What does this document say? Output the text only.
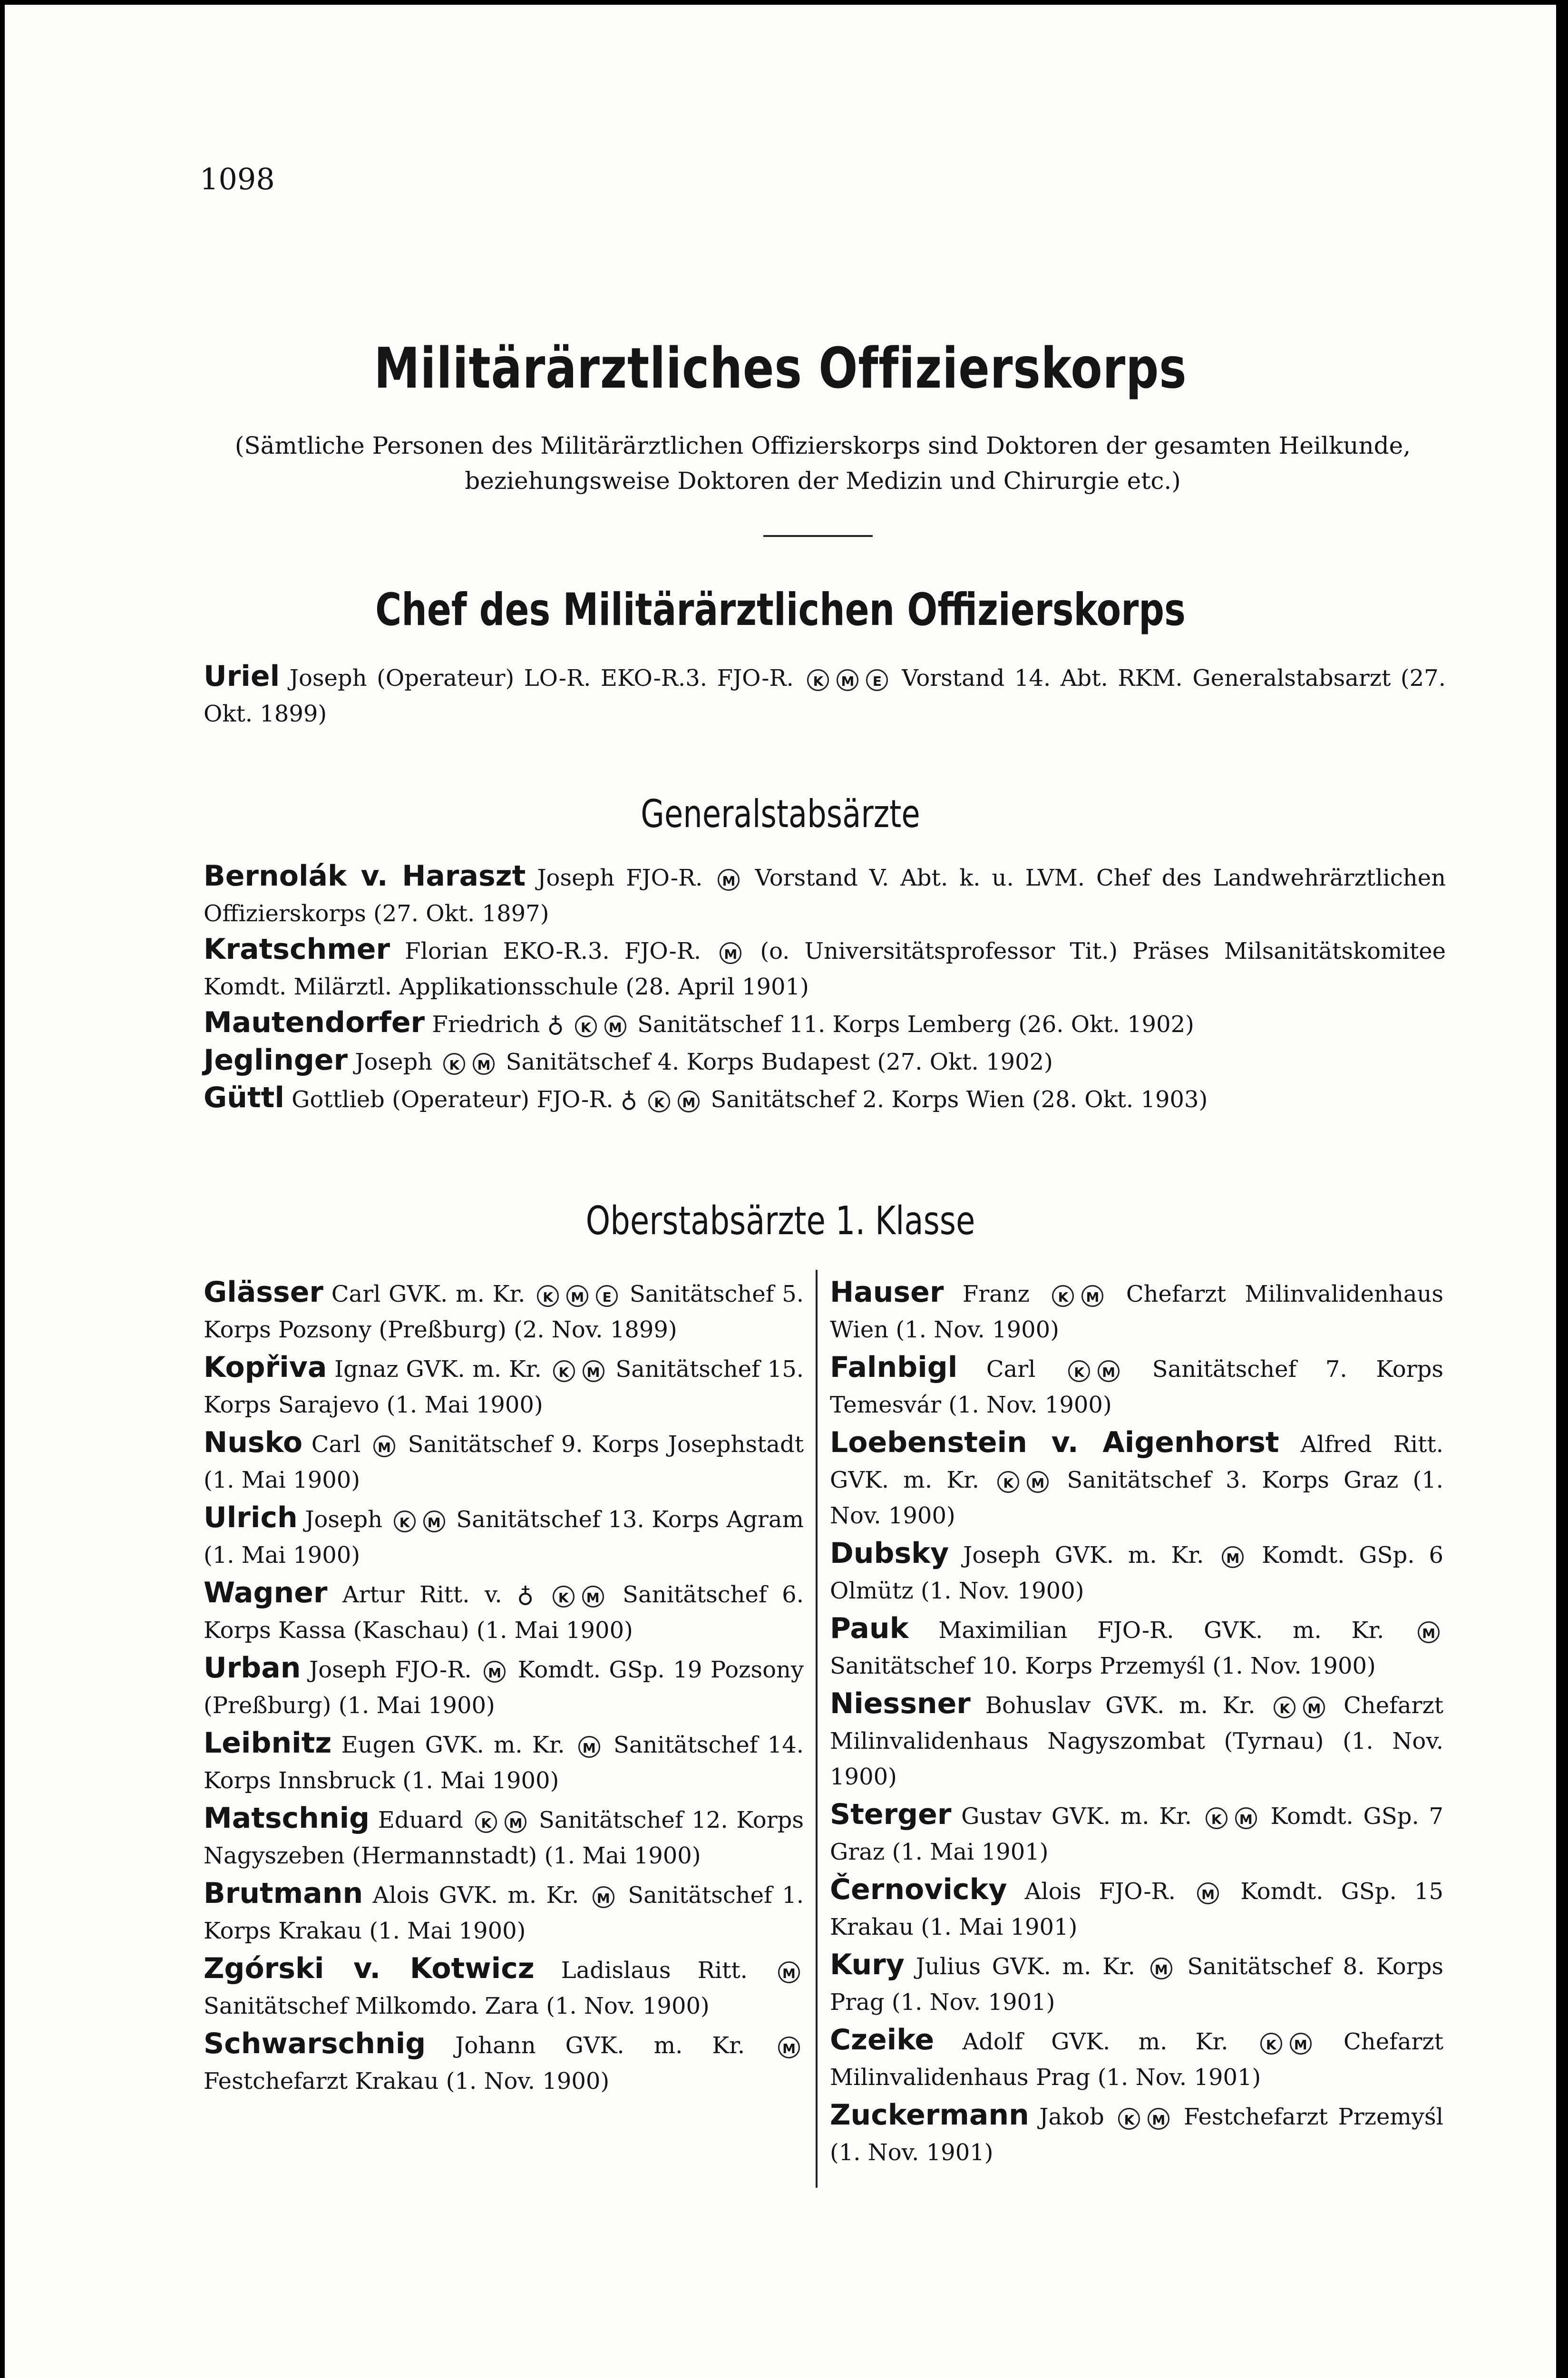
1098
Militärärztliches Offizierskorps
(Sämtliche Personen des Militärärztlichen Offizierskorps sind Doktoren der gesamten Heilkunde, beziehungsweise Doktoren der Medizin und Chirurgie etc.)
Chef des Militärärztlichen Offizierskorps
Uriel Joseph (Operateur) LO-R. EKO-R.3. FJO-R. K M E Vorstand 14. Abt. RKM. Generalstabsarzt (27. Okt. 1899)
Generalstabsärzte
Bernolák v. Haraszt Joseph FJO-R. M Vorstand V. Abt. k. u. LVM. Chef des Landwehrärztlichen Offizierskorps (27. Okt. 1897)
Kratschmer Florian EKO-R.3. FJO-R. M (o. Universitätsprofessor Tit.) Präses Milsanitätskomitee Komdt. Milärztl. Applikationsschule (28. April 1901)
Mautendorfer Friedrich ♁ K M Sanitätschef 11. Korps Lemberg (26. Okt. 1902)
Jeglinger Joseph K M Sanitätschef 4. Korps Budapest (27. Okt. 1902)
Güttl Gottlieb (Operateur) FJO-R. ♁ K M Sanitätschef 2. Korps Wien (28. Okt. 1903)
Oberstabsärzte 1. Klasse
Glässer Carl GVK. m. Kr. K M E Sanitätschef 5. Korps Pozsony (Preßburg) (2. Nov. 1899)
Kopřiva Ignaz GVK. m. Kr. K M Sanitätschef 15. Korps Sarajevo (1. Mai 1900)
Nusko Carl M Sanitätschef 9. Korps Josephstadt (1. Mai 1900)
Ulrich Joseph K M Sanitätschef 13. Korps Agram (1. Mai 1900)
Wagner Artur Ritt. v. ♁ K M Sanitätschef 6. Korps Kassa (Kaschau) (1. Mai 1900)
Urban Joseph FJO-R. M Komdt. GSp. 19 Pozsony (Preßburg) (1. Mai 1900)
Leibnitz Eugen GVK. m. Kr. M Sanitätschef 14. Korps Innsbruck (1. Mai 1900)
Matschnig Eduard K M Sanitätschef 12. Korps Nagyszeben (Hermannstadt) (1. Mai 1900)
Brutmann Alois GVK. m. Kr. M Sanitätschef 1. Korps Krakau (1. Mai 1900)
Zgórski v. Kotwicz Ladislaus Ritt.	M Sanitätschef Milkomdo. Zara (1. Nov. 1900)
Schwarschnig Johann GVK. m. Kr.	M Festchefarzt Krakau (1. Nov. 1900)
Hauser Franz K M Chefarzt Milinvalidenhaus Wien (1. Nov. 1900)
Falnbigl Carl	K M Sanitätschef 7. Korps Temesvár (1. Nov. 1900)
Loebenstein v. Aigenhorst Alfred Ritt. GVK. m. Kr. K M Sanitätschef 3. Korps Graz (1. Nov. 1900)
Dubsky Joseph GVK. m. Kr. M Komdt. GSp. 6 Olmütz (1. Nov. 1900)
Pauk Maximilian FJO-R. GVK. m. Kr.	M Sanitätschef 10. Korps Przemyśl (1. Nov. 1900)
Niessner Bohuslav GVK. m. Kr. K M Chefarzt Milinvalidenhaus Nagyszombat (Tyrnau) (1. Nov. 1900)
Sterger Gustav GVK. m. Kr. K M Komdt. GSp. 7 Graz (1. Mai 1901)
Černovicky Alois FJO-R. M Komdt. GSp. 15 Krakau (1. Mai 1901)
Kury Julius GVK. m. Kr. M Sanitätschef 8. Korps Prag (1. Nov. 1901)
Czeike Adolf GVK. m. Kr.	K M Chefarzt Milinvalidenhaus Prag (1. Nov. 1901)
Zuckermann Jakob K M Festchefarzt Przemyśl (1. Nov. 1901)
